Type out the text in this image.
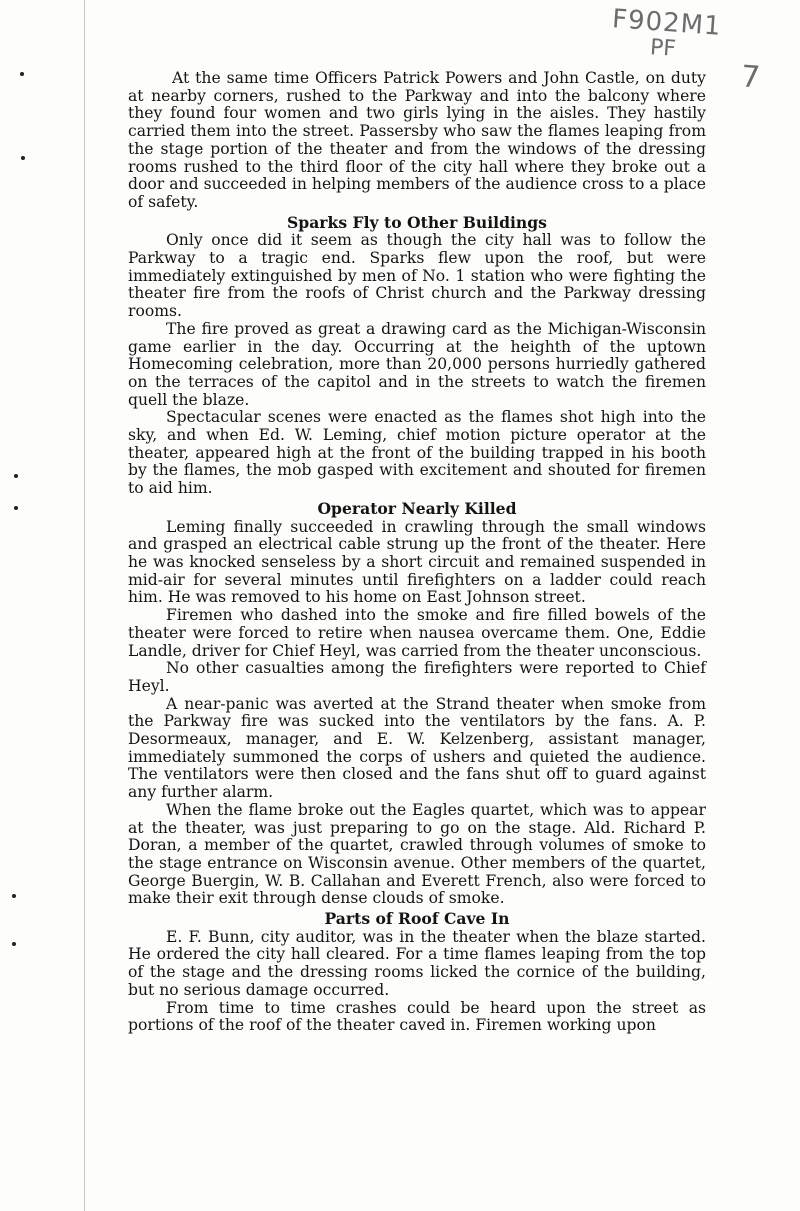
F902M1
PF
7

At the same time Officers Patrick Powers and John Castle, on duty at nearby corners, rushed to the Parkway and into the balcony where they found four women and two girls lying in the aisles. They hastily carried them into the street. Passersby who saw the flames leaping from the stage portion of the theater and from the windows of the dressing rooms rushed to the third floor of the city hall where they broke out a door and succeeded in helping members of the audience cross to a place of safety.

Sparks Fly to Other Buildings

Only once did it seem as though the city hall was to follow the Parkway to a tragic end. Sparks flew upon the roof, but were immediately extinguished by men of No. 1 station who were fighting the theater fire from the roofs of Christ church and the Parkway dressing rooms.

The fire proved as great a drawing card as the Michigan-Wisconsin game earlier in the day. Occurring at the heighth of the uptown Homecoming celebration, more than 20,000 persons hurriedly gathered on the terraces of the capitol and in the streets to watch the firemen quell the blaze.

Spectacular scenes were enacted as the flames shot high into the sky, and when Ed. W. Leming, chief motion picture operator at the theater, appeared high at the front of the building trapped in his booth by the flames, the mob gasped with excitement and shouted for firemen to aid him.

Operator Nearly Killed

Leming finally succeeded in crawling through the small windows and grasped an electrical cable strung up the front of the theater. Here he was knocked senseless by a short circuit and remained suspended in mid-air for several minutes until firefighters on a ladder could reach him. He was removed to his home on East Johnson street.

Firemen who dashed into the smoke and fire filled bowels of the theater were forced to retire when nausea overcame them. One, Eddie Landle, driver for Chief Heyl, was carried from the theater unconscious.

No other casualties among the firefighters were reported to Chief Heyl.

A near-panic was averted at the Strand theater when smoke from the Parkway fire was sucked into the ventilators by the fans. A. P. Desormeaux, manager, and E. W. Kelzenberg, assistant manager, immediately summoned the corps of ushers and quieted the audience. The ventilators were then closed and the fans shut off to guard against any further alarm.

When the flame broke out the Eagles quartet, which was to appear at the theater, was just preparing to go on the stage. Ald. Richard P. Doran, a member of the quartet, crawled through volumes of smoke to the stage entrance on Wisconsin avenue. Other members of the quartet, George Buergin, W. B. Callahan and Everett French, also were forced to make their exit through dense clouds of smoke.

Parts of Roof Cave In

E. F. Bunn, city auditor, was in the theater when the blaze started. He ordered the city hall cleared. For a time flames leaping from the top of the stage and the dressing rooms licked the cornice of the building, but no serious damage occurred.

From time to time crashes could be heard upon the street as portions of the roof of the theater caved in. Firemen working upon
